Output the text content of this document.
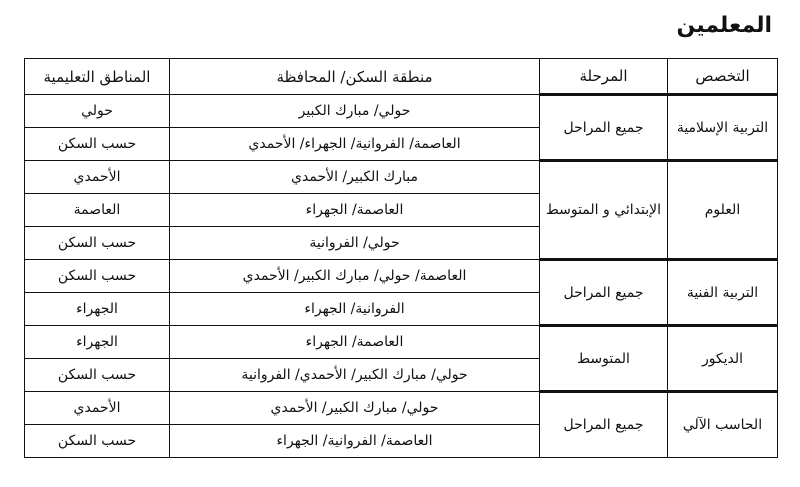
المعلمين
التخصص	المرحلة	منطقة السكن/ المحافظة	المناطق التعليمية
التربية الإسلامية	جميع المراحل	حولي/ مبارك الكبير	حولي
		العاصمة/ الفروانية/ الجهراء/ الأحمدي	حسب السكن
العلوم	الإبتدائي و المتوسط	مبارك الكبير/ الأحمدي	الأحمدي
		العاصمة/ الجهراء	العاصمة
		حولي/ الفروانية	حسب السكن
التربية الفنية	جميع المراحل	العاصمة/ حولي/ مبارك الكبير/ الأحمدي	حسب السكن
		الفروانية/ الجهراء	الجهراء
الديكور	المتوسط	العاصمة/ الجهراء	الجهراء
		حولي/ مبارك الكبير/ الأحمدي/ الفروانية	حسب السكن
الحاسب الآلي	جميع المراحل	حولي/ مبارك الكبير/ الأحمدي	الأحمدي
		العاصمة/ الفروانية/ الجهراء	حسب السكن
